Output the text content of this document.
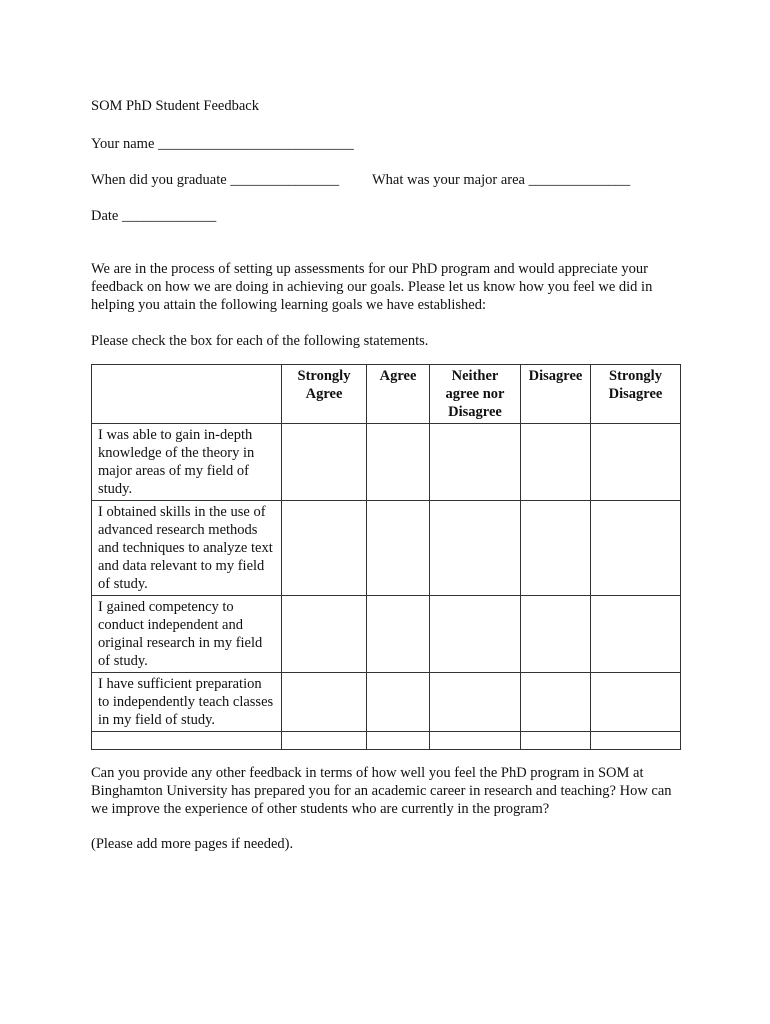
SOM PhD Student Feedback
Your name ___________________________
When did you graduate _______________ What was your major area ______________
Date _____________
We are in the process of setting up assessments for our PhD program and would appreciate your feedback on how we are doing in achieving our goals. Please let us know how you feel we did in helping you attain the following learning goals we have established:
Please check the box for each of the following statements.
	Strongly Agree	Agree	Neither agree nor Disagree	Disagree	Strongly Disagree
I was able to gain in-depth knowledge of the theory in major areas of my field of study.					
I obtained skills in the use of advanced research methods and techniques to analyze text and data relevant to my field of study.					
I gained competency to conduct independent and original research in my field of study.					
I have sufficient preparation to independently teach classes in my field of study.					

Can you provide any other feedback in terms of how well you feel the PhD program in SOM at Binghamton University has prepared you for an academic career in research and teaching? How can we improve the experience of other students who are currently in the program?
(Please add more pages if needed).
